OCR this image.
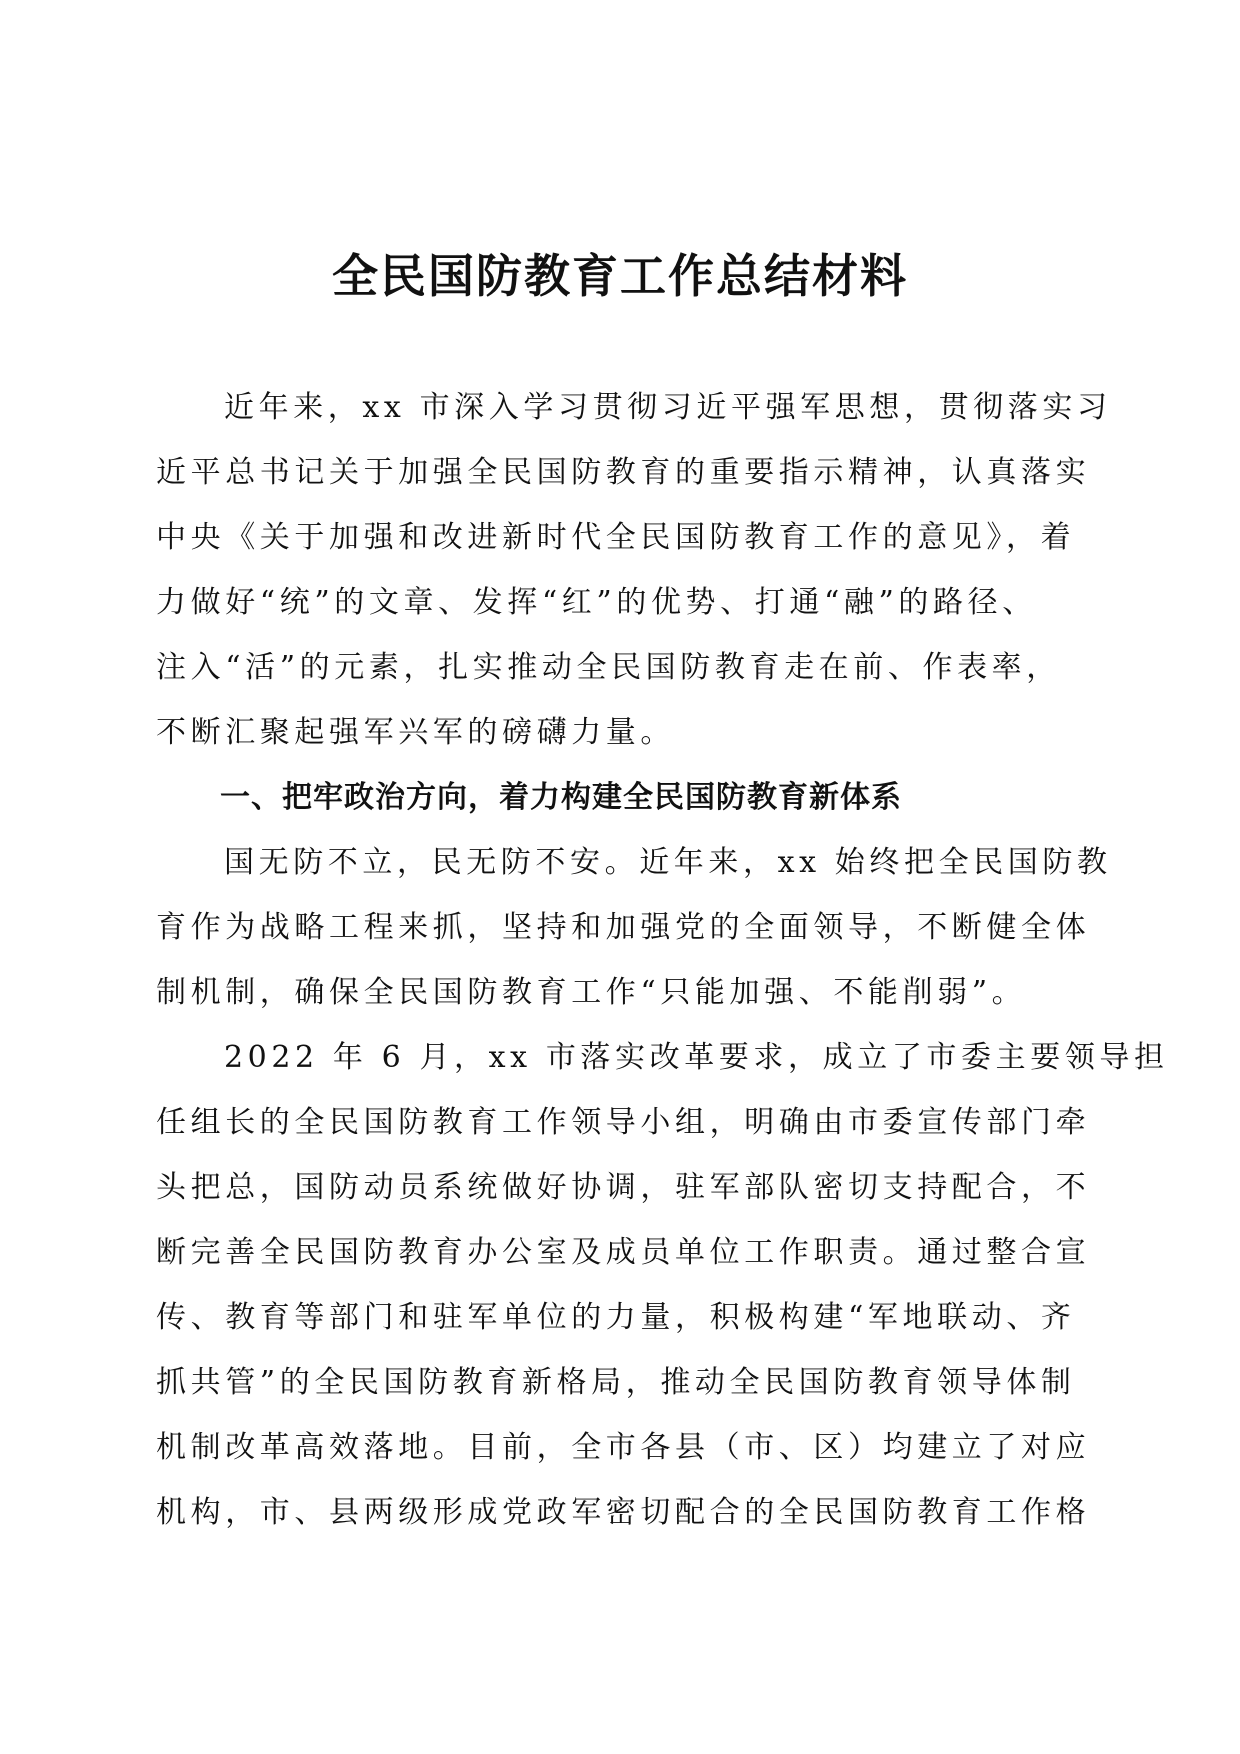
全民国防教育工作总结材料
近年来，xx 市深入学习贯彻习近平强军思想，贯彻落实习
近平总书记关于加强全民国防教育的重要指示精神，认真落实
中央《关于加强和改进新时代全民国防教育工作的意见》，着
力做好“统”的文章、发挥“红”的优势、打通“融”的路径、
注入“活”的元素，扎实推动全民国防教育走在前、作表率，
不断汇聚起强军兴军的磅礴力量。
一、把牢政治方向，着力构建全民国防教育新体系
国无防不立，民无防不安。近年来，xx 始终把全民国防教
育作为战略工程来抓，坚持和加强党的全面领导，不断健全体
制机制，确保全民国防教育工作“只能加强、不能削弱”。
2022 年 6 月，xx 市落实改革要求，成立了市委主要领导担
任组长的全民国防教育工作领导小组，明确由市委宣传部门牵
头把总，国防动员系统做好协调，驻军部队密切支持配合，不
断完善全民国防教育办公室及成员单位工作职责。通过整合宣
传、教育等部门和驻军单位的力量，积极构建“军地联动、齐
抓共管”的全民国防教育新格局，推动全民国防教育领导体制
机制改革高效落地。目前，全市各县（市、区）均建立了对应
机构，市、县两级形成党政军密切配合的全民国防教育工作格
